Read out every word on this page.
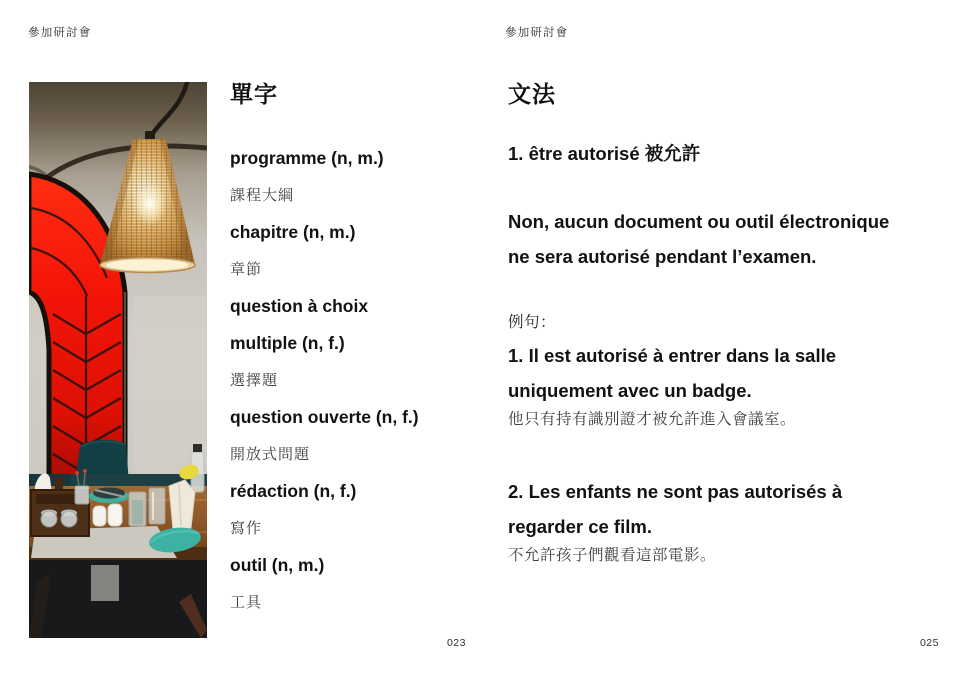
參加研討會
單字
programme (n, m.)
課程大綱
chapitre (n, m.)
章節
question à choix
multiple (n, f.)
選擇題
question ouverte (n, f.)
開放式問題
rédaction (n, f.)
寫作
outil (n, m.)
工具
023
參加研討會
文法
1. être autorisé 被允許
Non, aucun document ou outil électronique
ne sera autorisé pendant l’examen.
例句：
1. Il est autorisé à entrer dans la salle
uniquement avec un badge.
他只有持有識別證才被允許進入會議室。
2. Les enfants ne sont pas autorisés à
regarder ce film.
不允許孩子們觀看這部電影。
025
